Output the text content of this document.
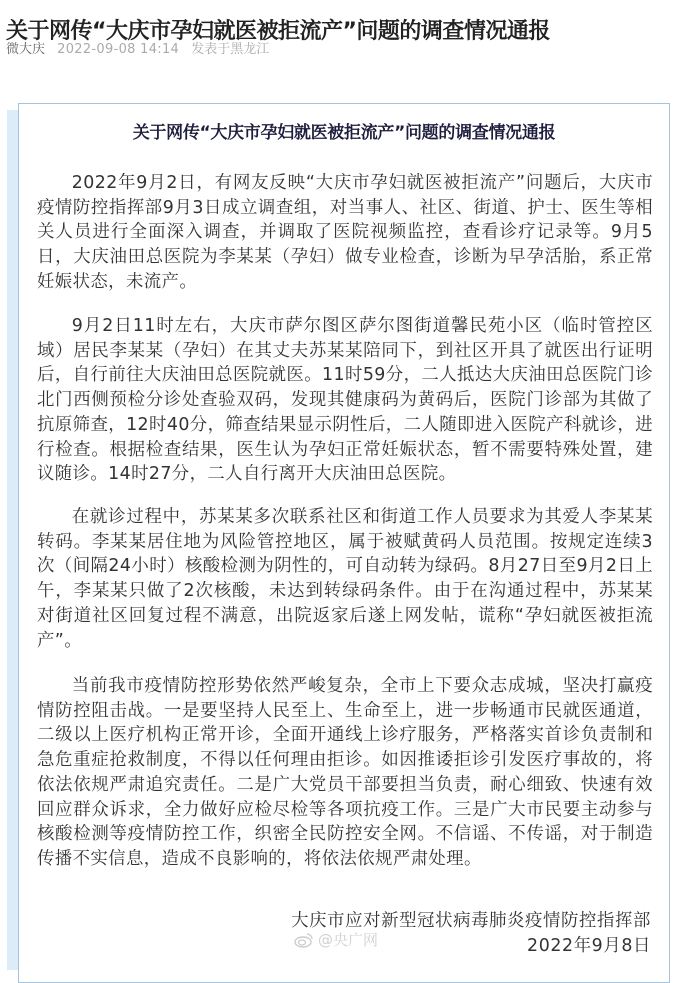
关于网传“大庆市孕妇就医被拒流产”问题的调查情况通报
微大庆 2022-09-08 14:14 发表于黑龙江
关于网传“大庆市孕妇就医被拒流产”问题的调查情况通报

2022年9月2日，有网友反映“大庆市孕妇就医被拒流产”问题后，大庆市疫情防控指挥部9月3日成立调查组，对当事人、社区、街道、护士、医生等相关人员进行全面深入调查，并调取了医院视频监控，查看诊疗记录等。9月5日，大庆油田总医院为李某某（孕妇）做专业检查，诊断为早孕活胎，系正常妊娠状态，未流产。

9月2日11时左右，大庆市萨尔图区萨尔图街道馨民苑小区（临时管控区域）居民李某某（孕妇）在其丈夫苏某某陪同下，到社区开具了就医出行证明后，自行前往大庆油田总医院就医。11时59分，二人抵达大庆油田总医院门诊北门西侧预检分诊处查验双码，发现其健康码为黄码后，医院门诊部为其做了抗原筛查，12时40分，筛查结果显示阴性后，二人随即进入医院产科就诊，进行检查。根据检查结果，医生认为孕妇正常妊娠状态，暂不需要特殊处置，建议随诊。14时27分，二人自行离开大庆油田总医院。

在就诊过程中，苏某某多次联系社区和街道工作人员要求为其爱人李某某转码。李某某居住地为风险管控地区，属于被赋黄码人员范围。按规定连续3次（间隔24小时）核酸检测为阴性的，可自动转为绿码。8月27日至9月2日上午，李某某只做了2次核酸，未达到转绿码条件。由于在沟通过程中，苏某某对街道社区回复过程不满意，出院返家后遂上网发帖，谎称“孕妇就医被拒流产”。

当前我市疫情防控形势依然严峻复杂，全市上下要众志成城，坚决打赢疫情防控阻击战。一是要坚持人民至上、生命至上，进一步畅通市民就医通道，二级以上医疗机构正常开诊，全面开通线上诊疗服务，严格落实首诊负责制和急危重症抢救制度，不得以任何理由拒诊。如因推诿拒诊引发医疗事故的，将依法依规严肃追究责任。二是广大党员干部要担当负责，耐心细致、快速有效回应群众诉求，全力做好应检尽检等各项抗疫工作。三是广大市民要主动参与核酸检测等疫情防控工作，织密全民防控安全网。不信谣、不传谣，对于制造传播不实信息，造成不良影响的，将依法依规严肃处理。

大庆市应对新型冠状病毒肺炎疫情防控指挥部
2022年9月8日
@央广网
